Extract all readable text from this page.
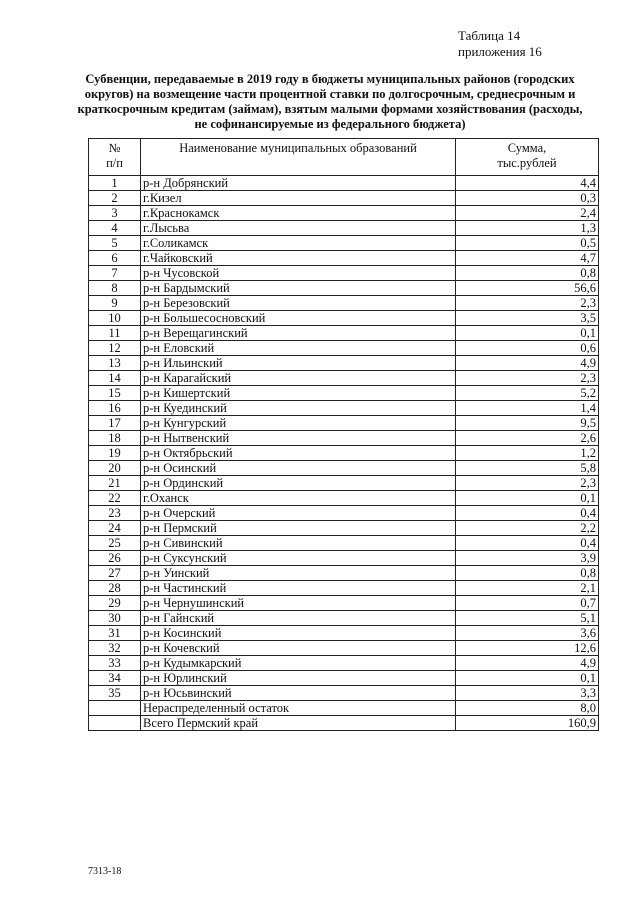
Таблица 14
приложения 16
Субвенции, передаваемые в 2019 году в бюджеты муниципальных районов (городских округов) на возмещение части процентной ставки по долгосрочным, среднесрочным и краткосрочным кредитам (займам), взятым малыми формами хозяйствования (расходы, не софинансируемые из федерального бюджета)
№
п/п	Наименование муниципальных образований	Сумма,
тыс.рублей
1	р-н Добрянский	4,4
2	г.Кизел	0,3
3	г.Краснокамск	2,4
4	г.Лысьва	1,3
5	г.Соликамск	0,5
6	г.Чайковский	4,7
7	р-н Чусовской	0,8
8	р-н Бардымский	56,6
9	р-н Березовский	2,3
10	р-н Большесосновский	3,5
11	р-н Верещагинский	0,1
12	р-н Еловский	0,6
13	р-н Ильинский	4,9
14	р-н Карагайский	2,3
15	р-н Кишертский	5,2
16	р-н Куединский	1,4
17	р-н Кунгурский	9,5
18	р-н Нытвенский	2,6
19	р-н Октябрьский	1,2
20	р-н Осинский	5,8
21	р-н Ординский	2,3
22	г.Оханск	0,1
23	р-н Очерский	0,4
24	р-н Пермский	2,2
25	р-н Сивинский	0,4
26	р-н Суксунский	3,9
27	р-н Уинский	0,8
28	р-н Частинский	2,1
29	р-н Чернушинский	0,7
30	р-н Гайнский	5,1
31	р-н Косинский	3,6
32	р-н Кочевский	12,6
33	р-н Кудымкарский	4,9
34	р-н Юрлинский	0,1
35	р-н Юсьвинский	3,3
	Нераспределенный остаток	8,0
	Всего Пермский край	160,9
7313-18
